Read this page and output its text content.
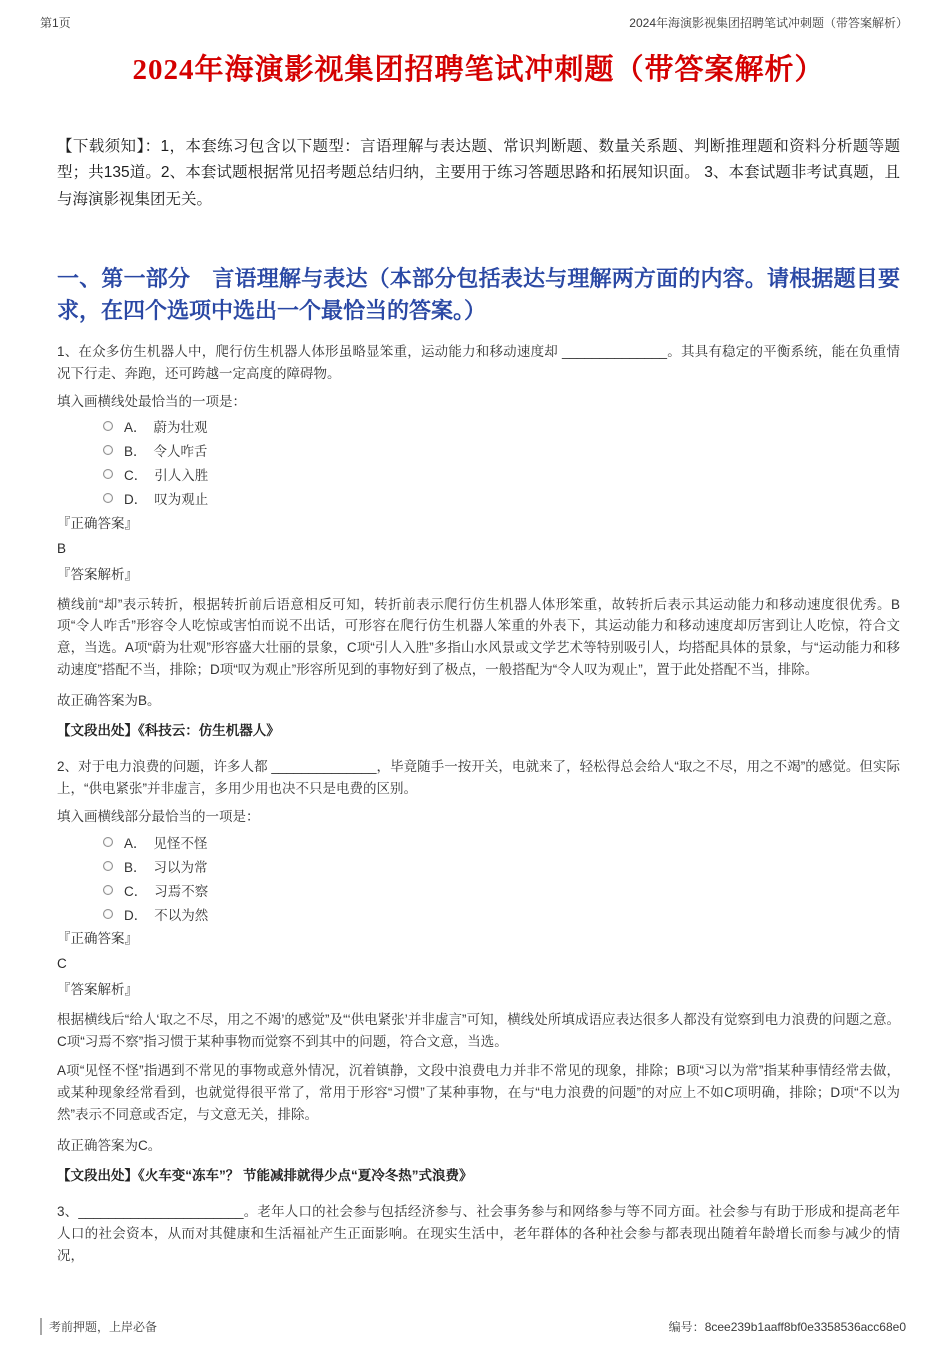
第1页	2024年海演影视集团招聘笔试冲刺题（带答案解析）
2024年海演影视集团招聘笔试冲刺题（带答案解析）

【下载须知】：1，本套练习包含以下题型：言语理解与表达题、常识判断题、数量关系题、判断推理题和资料分析题等题型；共135道。2、本套试题根据常见招考题总结归纳，主要用于练习答题思路和拓展知识面。 3、本套试题非考试真题，且与海演影视集团无关。

一、第一部分　言语理解与表达（本部分包括表达与理解两方面的内容。请根据题目要求，在四个选项中选出一个最恰当的答案。）

1、在众多仿生机器人中，爬行仿生机器人体形虽略显笨重，运动能力和移动速度却 ______________。其具有稳定的平衡系统，能在负重情况下行走、奔跑，还可跨越一定高度的障碍物。

填入画横线处最恰当的一项是：

A． 蔚为壮观
B． 令人咋舌
C． 引人入胜
D． 叹为观止

『正确答案』

B

『答案解析』

横线前“却”表示转折，根据转折前后语意相反可知，转折前表示爬行仿生机器人体形笨重，故转折后表示其运动能力和移动速度很优秀。B项“令人咋舌”形容令人吃惊或害怕而说不出话，可形容在爬行仿生机器人笨重的外表下，其运动能力和移动速度却厉害到让人吃惊，符合文意，当选。A项“蔚为壮观”形容盛大壮丽的景象，C项“引人入胜”多指山水风景或文学艺术等特别吸引人，均搭配具体的景象，与“运动能力和移动速度”搭配不当，排除；D项“叹为观止”形容所见到的事物好到了极点，一般搭配为“令人叹为观止”，置于此处搭配不当，排除。

故正确答案为B。

【文段出处】《科技云：仿生机器人》

2、对于电力浪费的问题，许多人都 ______________，毕竟随手一按开关，电就来了，轻松得总会给人“取之不尽，用之不竭”的感觉。但实际上，“供电紧张”并非虚言，多用少用也决不只是电费的区别。

填入画横线部分最恰当的一项是：

A． 见怪不怪
B． 习以为常
C． 习焉不察
D． 不以为然

『正确答案』

C

『答案解析』

根据横线后“给人‘取之不尽，用之不竭’的感觉”及“‘供电紧张’并非虚言”可知，横线处所填成语应表达很多人都没有觉察到电力浪费的问题之意。C项“习焉不察”指习惯于某种事物而觉察不到其中的问题，符合文意，当选。

A项“见怪不怪”指遇到不常见的事物或意外情况，沉着镇静，文段中浪费电力并非不常见的现象，排除；B项“习以为常”指某种事情经常去做，或某种现象经常看到，也就觉得很平常了，常用于形容“习惯”了某种事物，在与“电力浪费的问题”的对应上不如C项明确，排除；D项“不以为然”表示不同意或否定，与文意无关，排除。

故正确答案为C。

【文段出处】《火车变“冻车”？ 节能减排就得少点“夏冷冬热”式浪费》

3、______________________。老年人口的社会参与包括经济参与、社会事务参与和网络参与等不同方面。社会参与有助于形成和提高老年人口的社会资本，从而对其健康和生活福祉产生正面影响。在现实生活中，老年群体的各种社会参与都表现出随着年龄增长而参与减少的情况，

考前押题，上岸必备	编号：8cee239b1aaff8bf0e3358536acc68e0
